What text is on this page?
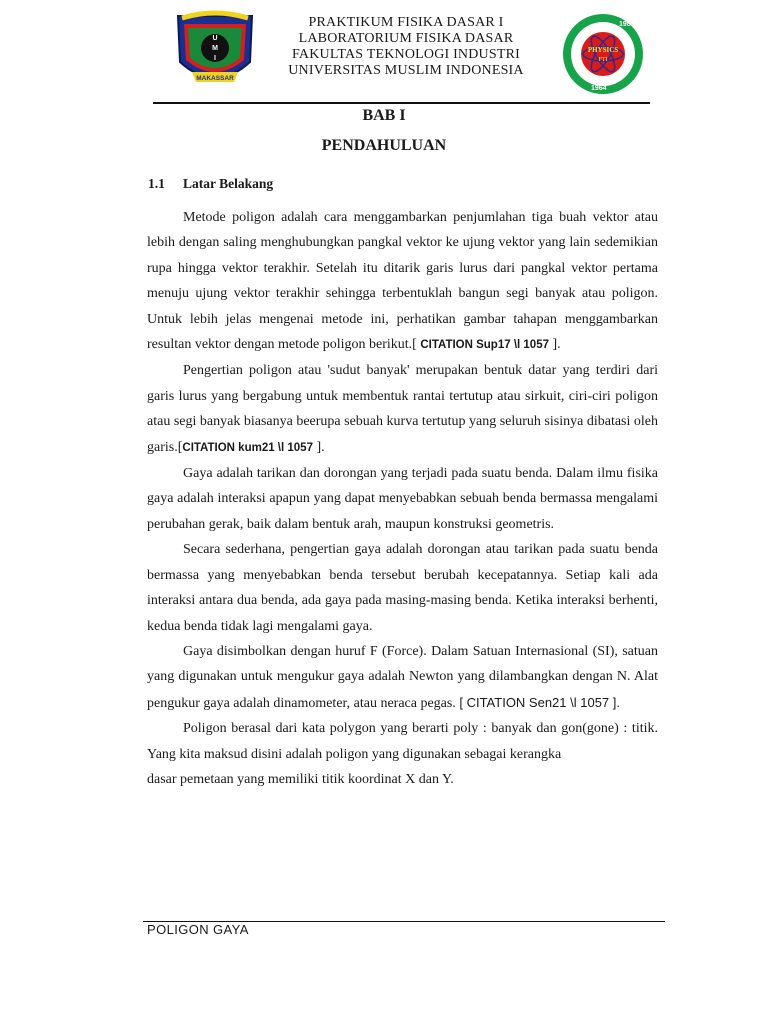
U
M
I
MAKASSAR
PRAKTIKUM FISIKA DASAR I
LABORATORIUM FISIKA DASAR
FAKULTAS TEKNOLOGI INDUSTRI
UNIVERSITAS MUSLIM INDONESIA
PHYSICS
FTI
1987
1964
BAB I
PENDAHULUAN
1.1 Latar Belakang

Metode poligon adalah cara menggambarkan penjumlahan tiga buah vektor atau lebih dengan saling menghubungkan pangkal vektor ke ujung vektor yang lain sedemikian rupa hingga vektor terakhir. Setelah itu ditarik garis lurus dari pangkal vektor pertama menuju ujung vektor terakhir sehingga terbentuklah bangun segi banyak atau poligon. Untuk lebih jelas mengenai metode ini, perhatikan gambar tahapan menggambarkan resultan vektor dengan metode poligon berikut.[ CITATION Sup17 \l 1057 ].

Pengertian poligon atau 'sudut banyak' merupakan bentuk datar yang terdiri dari garis lurus yang bergabung untuk membentuk rantai tertutup atau sirkuit, ciri-ciri poligon atau segi banyak biasanya beerupa sebuah kurva tertutup yang seluruh sisinya dibatasi oleh garis.[CITATION kum21 \l 1057 ].

Gaya adalah tarikan dan dorongan yang terjadi pada suatu benda. Dalam ilmu fisika gaya adalah interaksi apapun yang dapat menyebabkan sebuah benda bermassa mengalami perubahan gerak, baik dalam bentuk arah, maupun konstruksi geometris.

Secara sederhana, pengertian gaya adalah dorongan atau tarikan pada suatu benda bermassa yang menyebabkan benda tersebut berubah kecepatannya. Setiap kali ada interaksi antara dua benda, ada gaya pada masing-masing benda. Ketika interaksi berhenti, kedua benda tidak lagi mengalami gaya.

Gaya disimbolkan dengan huruf F (Force). Dalam Satuan Internasional (SI), satuan yang digunakan untuk mengukur gaya adalah Newton yang dilambangkan dengan N. Alat pengukur gaya adalah dinamometer, atau neraca pegas. [ CITATION Sen21 \l 1057 ].

Poligon berasal dari kata polygon yang berarti poly : banyak dan gon(gone) : titik. Yang kita maksud disini adalah poligon yang digunakan sebagai kerangka

dasar pemetaan yang memiliki titik koordinat X dan Y.

POLIGON GAYA
